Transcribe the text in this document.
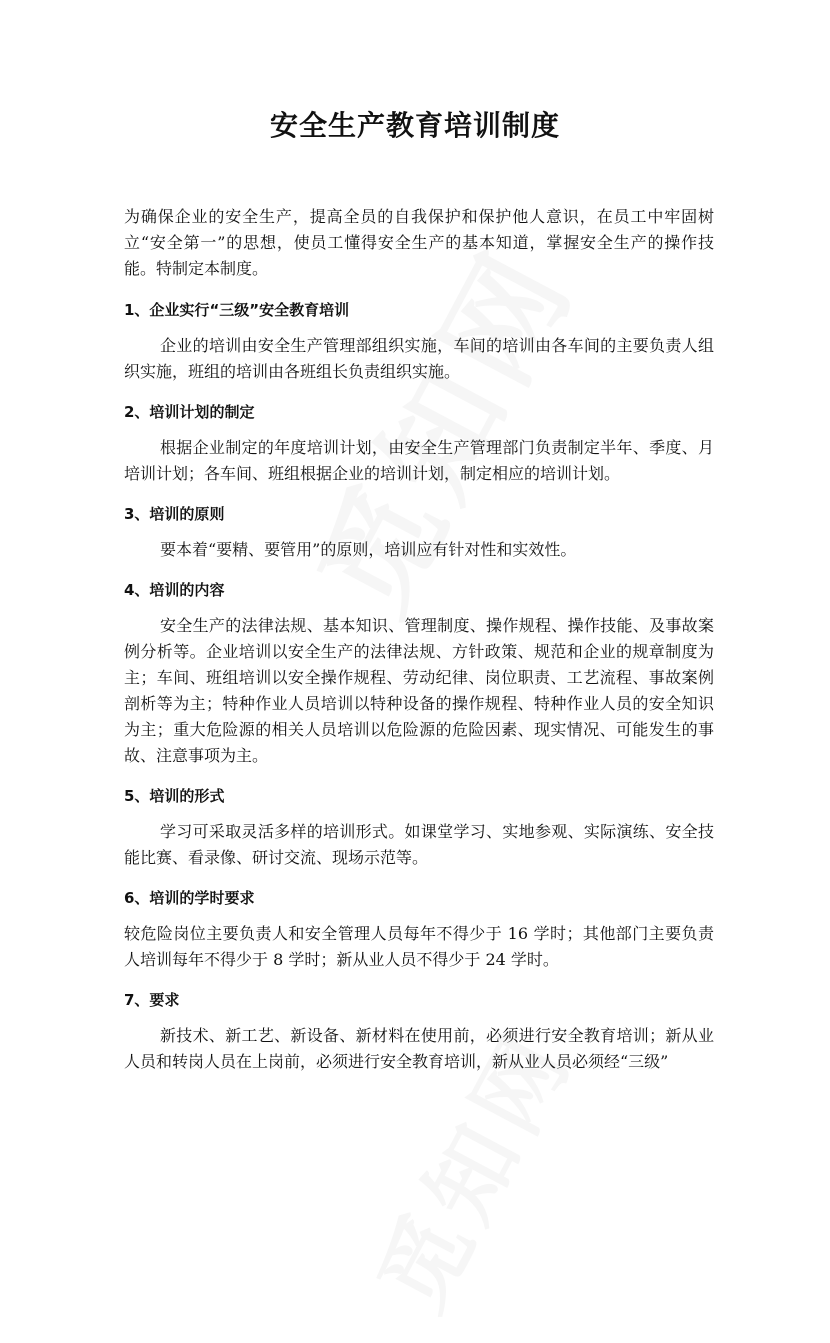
安全生产教育培训制度

为确保企业的安全生产，提高全员的自我保护和保护他人意识，在员工中牢固树立“安全第一”的思想，使员工懂得安全生产的基本知道，掌握安全生产的操作技能。特制定本制度。

1、企业实行“三级”安全教育培训

企业的培训由安全生产管理部组织实施，车间的培训由各车间的主要负责人组织实施，班组的培训由各班组长负责组织实施。

2、培训计划的制定

根据企业制定的年度培训计划，由安全生产管理部门负责制定半年、季度、月培训计划；各车间、班组根据企业的培训计划，制定相应的培训计划。

3、培训的原则

要本着“要精、要管用”的原则，培训应有针对性和实效性。

4、培训的内容

安全生产的法律法规、基本知识、管理制度、操作规程、操作技能、及事故案例分析等。企业培训以安全生产的法律法规、方针政策、规范和企业的规章制度为主；车间、班组培训以安全操作规程、劳动纪律、岗位职责、工艺流程、事故案例剖析等为主；特种作业人员培训以特种设备的操作规程、特种作业人员的安全知识为主；重大危险源的相关人员培训以危险源的危险因素、现实情况、可能发生的事故、注意事项为主。

5、培训的形式

学习可采取灵活多样的培训形式。如课堂学习、实地参观、实际演练、安全技能比赛、看录像、研讨交流、现场示范等。

6、培训的学时要求

较危险岗位主要负责人和安全管理人员每年不得少于 16 学时；其他部门主要负责人培训每年不得少于 8 学时；新从业人员不得少于 24 学时。

7、要求

新技术、新工艺、新设备、新材料在使用前，必须进行安全教育培训；新从业人员和转岗人员在上岗前，必须进行安全教育培训，新从业人员必须经“三级”
